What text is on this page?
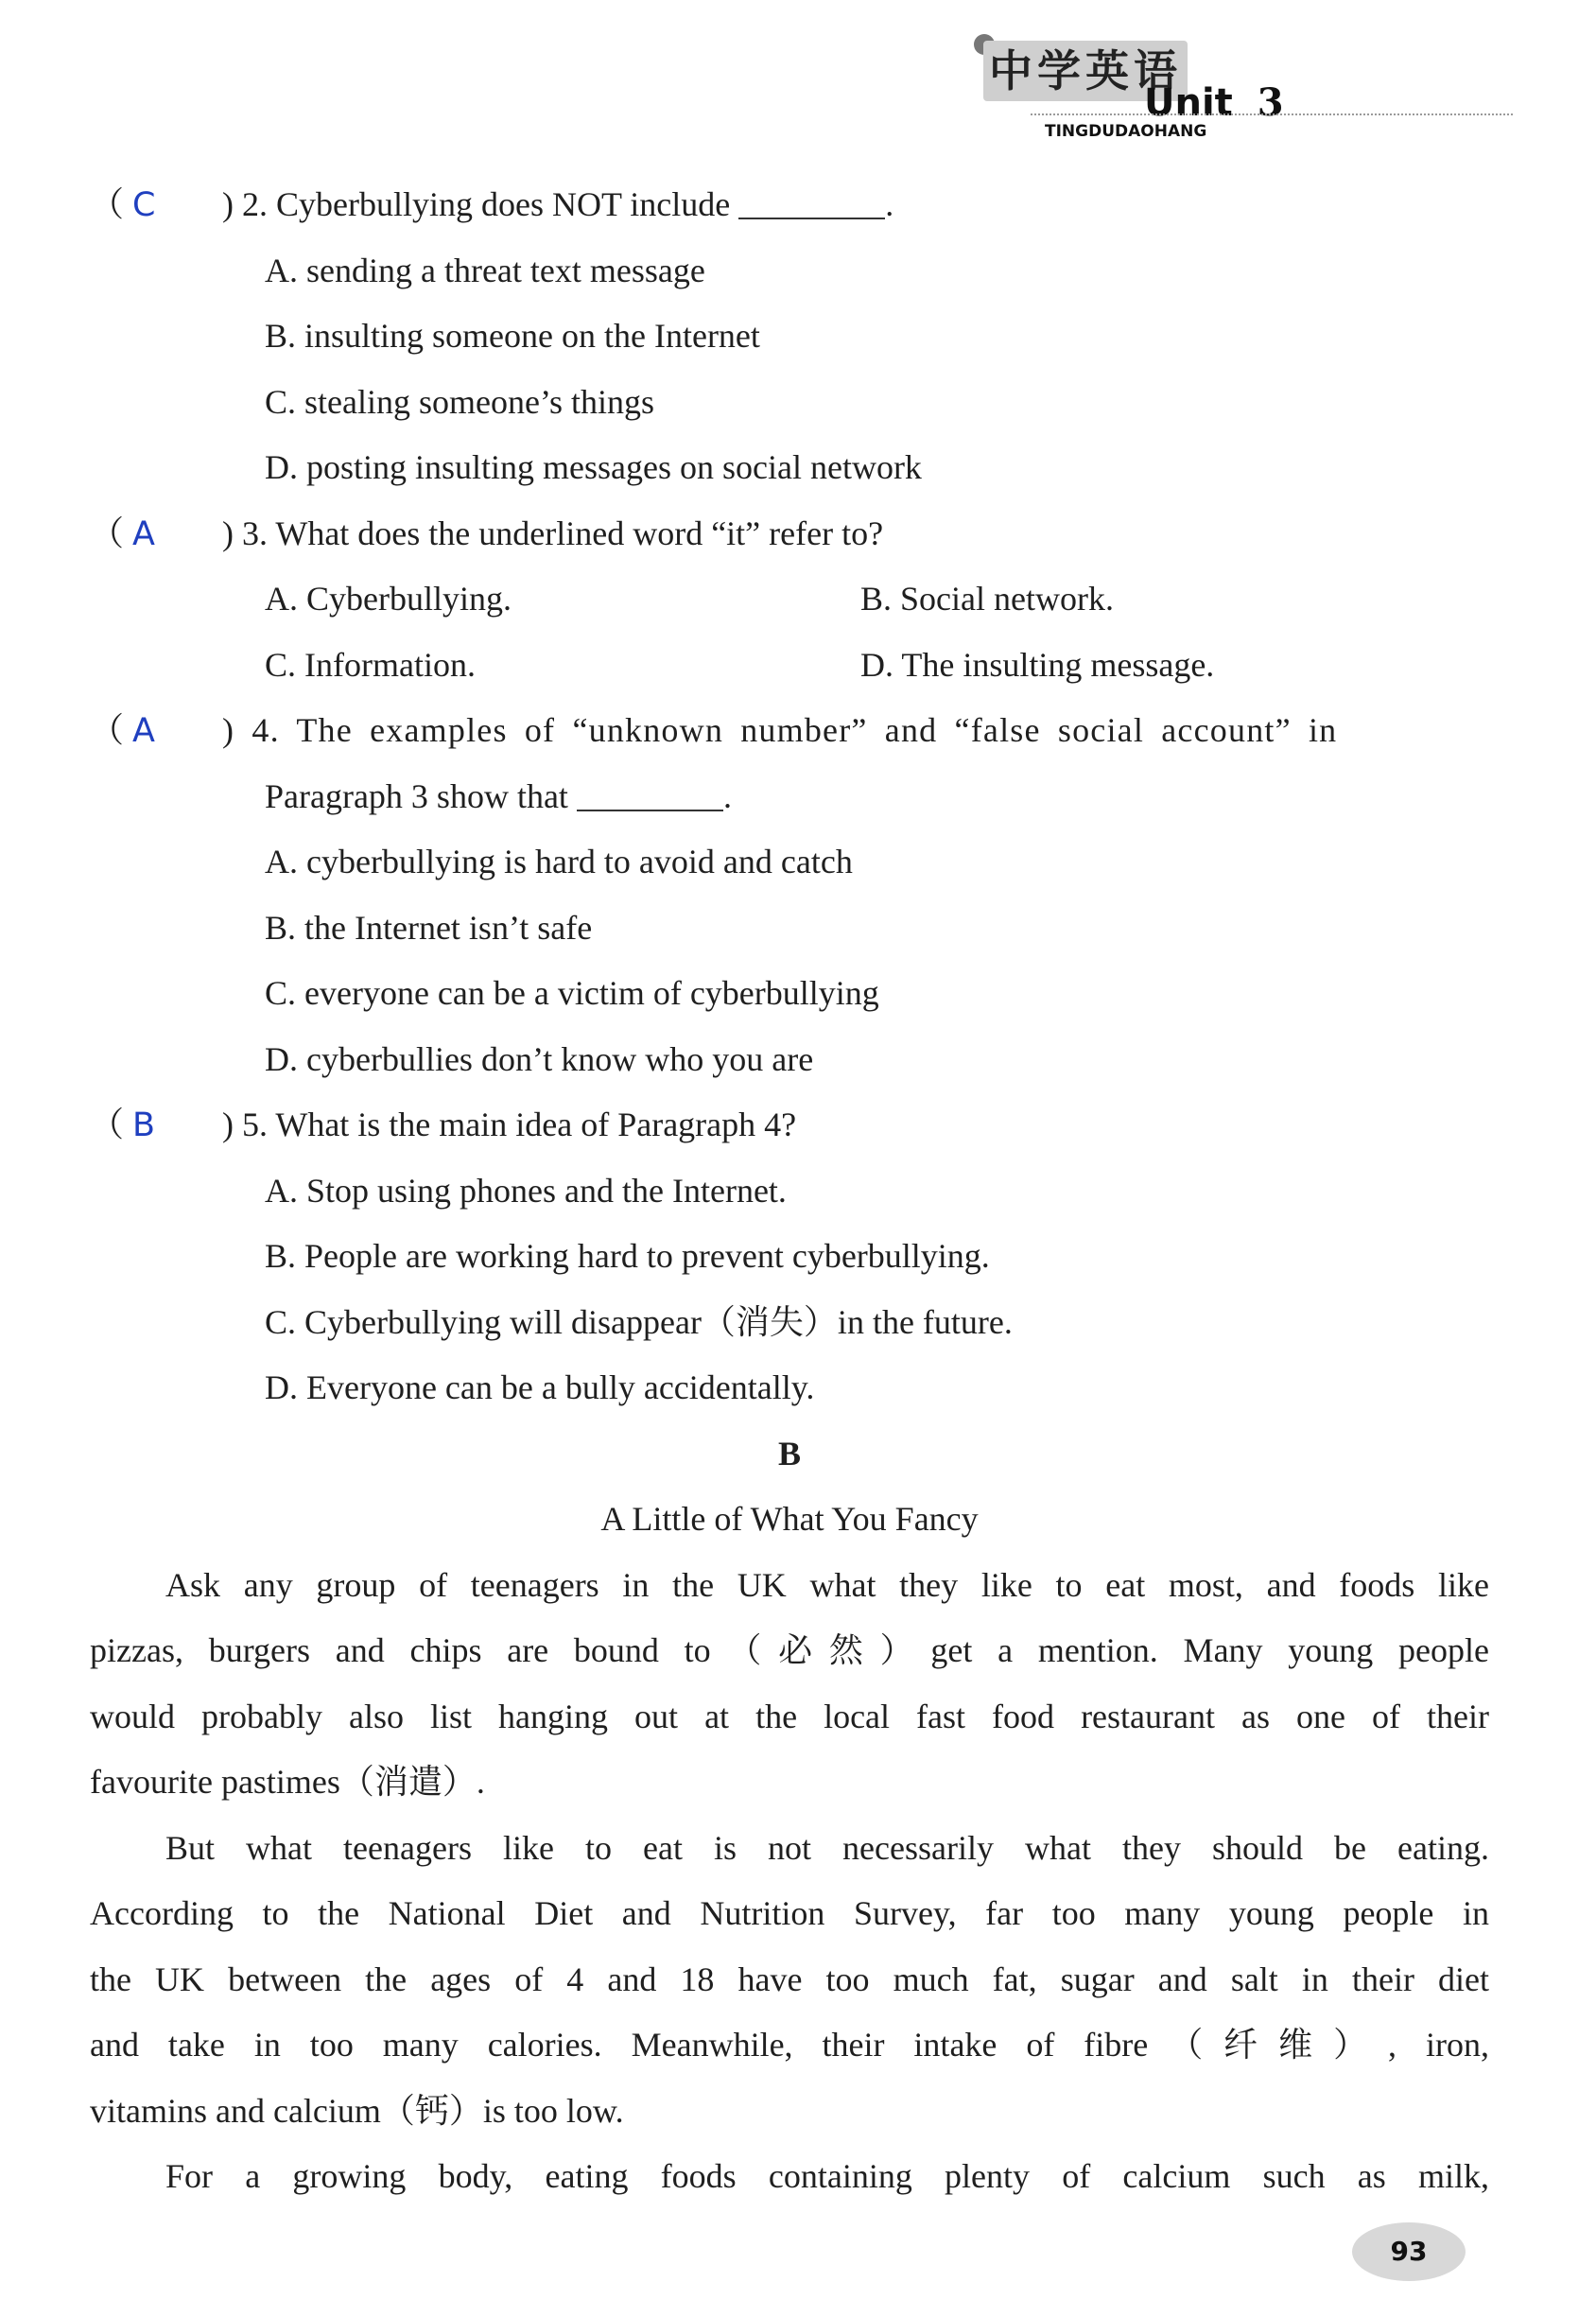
中学英语
Unit 3
TINGDUDAOHANG
（ C ) 2. Cyberbullying does NOT include	.
A. sending a threat text message
B. insulting someone on the Internet
C. stealing someone’s things
D. posting insulting messages on social network
（ A ) 3. What does the underlined word “it” refer to?
A. Cyberbullying.	B. Social network.
C. Information.	D. The insulting message.
（ A ) 4. The examples of “unknown number” and “false social account” in
Paragraph 3 show that	.
A. cyberbullying is hard to avoid and catch
B. the Internet isn’t safe
C. everyone can be a victim of cyberbullying
D. cyberbullies don’t know who you are
（ B ) 5. What is the main idea of Paragraph 4?
A. Stop using phones and the Internet.
B. People are working hard to prevent cyberbullying.
C. Cyberbullying will disappear（消失）in the future.
D. Everyone can be a bully accidentally.
B
A Little of What You Fancy
Ask any group of teenagers in the UK what they like to eat most, and foods like
pizzas, burgers and chips are bound to（必然）get a mention. Many young people
would probably also list hanging out at the local fast food restaurant as one of their
favourite pastimes（消遣）.
But what teenagers like to eat is not necessarily what they should be eating.
According to the National Diet and Nutrition Survey, far too many young people in
the UK between the ages of 4 and 18 have too much fat, sugar and salt in their diet
and take in too many calories. Meanwhile, their intake of fibre（纤维）, iron,
vitamins and calcium（钙）is too low.
For a growing body, eating foods containing plenty of calcium such as milk,
93
